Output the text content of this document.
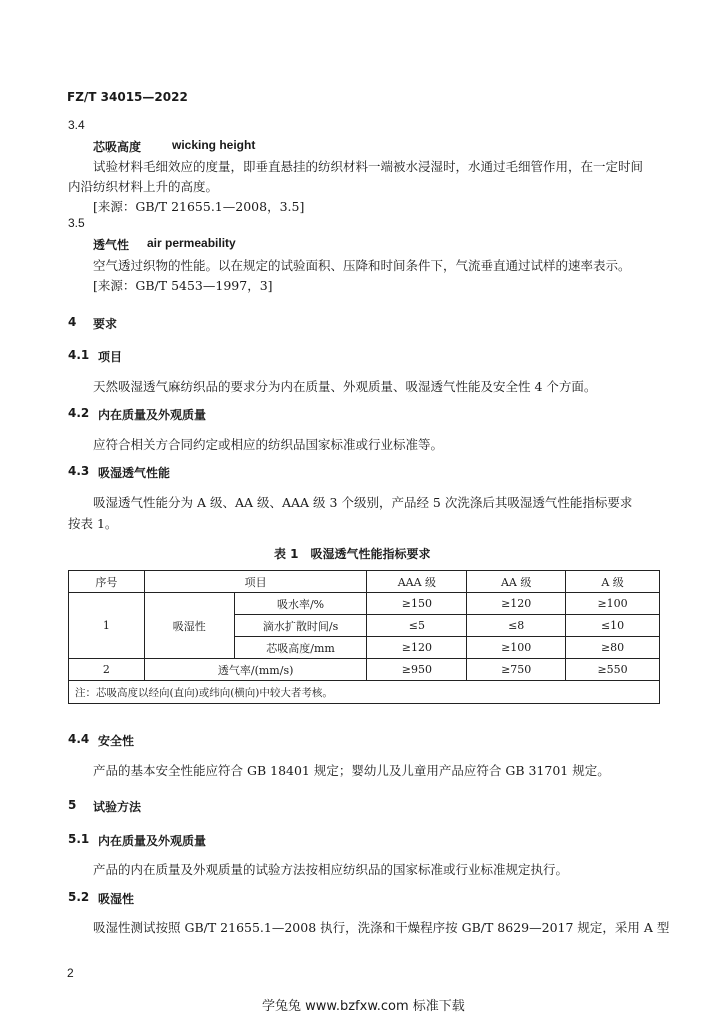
FZ/T 34015—2022
3.4
芯吸高度	wicking height
试验材料毛细效应的度量，即垂直悬挂的纺织材料一端被水浸湿时，水通过毛细管作用，在一定时间
内沿纺织材料上升的高度。
[来源：GB/T 21655.1—2008，3.5]
3.5
透气性 air permeability
空气透过织物的性能。以在规定的试验面积、压降和时间条件下，气流垂直通过试样的速率表示。
[来源：GB/T 5453—1997，3]
4 要求
4.1 项目
天然吸湿透气麻纺织品的要求分为内在质量、外观质量、吸湿透气性能及安全性 4 个方面。
4.2 内在质量及外观质量
应符合相关方合同约定或相应的纺织品国家标准或行业标准等。
4.3 吸湿透气性能
吸湿透气性能分为 A 级、AA 级、AAA 级 3 个级别，产品经 5 次洗涤后其吸湿透气性能指标要求
按表 1。
表 1　吸湿透气性能指标要求
序号	项目		AAA 级	AA 级	A 级
1	吸湿性	吸水率/%	≥150	≥120	≥100
		滴水扩散时间/s	≤5	≤8	≤10
		芯吸高度/mm	≥120	≥100	≥80
2	透气率/(mm/s)		≥950	≥750	≥550
注：芯吸高度以经向(直向)或纬向(横向)中较大者考核。					
4.4 安全性
产品的基本安全性能应符合 GB 18401 规定；婴幼儿及儿童用产品应符合 GB 31701 规定。
5 试验方法
5.1 内在质量及外观质量
产品的内在质量及外观质量的试验方法按相应纺织品的国家标准或行业标准规定执行。
5.2 吸湿性
吸湿性测试按照 GB/T 21655.1—2008 执行，洗涤和干燥程序按 GB/T 8629—2017 规定，采用 A 型
2
学兔兔 www.bzfxw.com 标准下载
